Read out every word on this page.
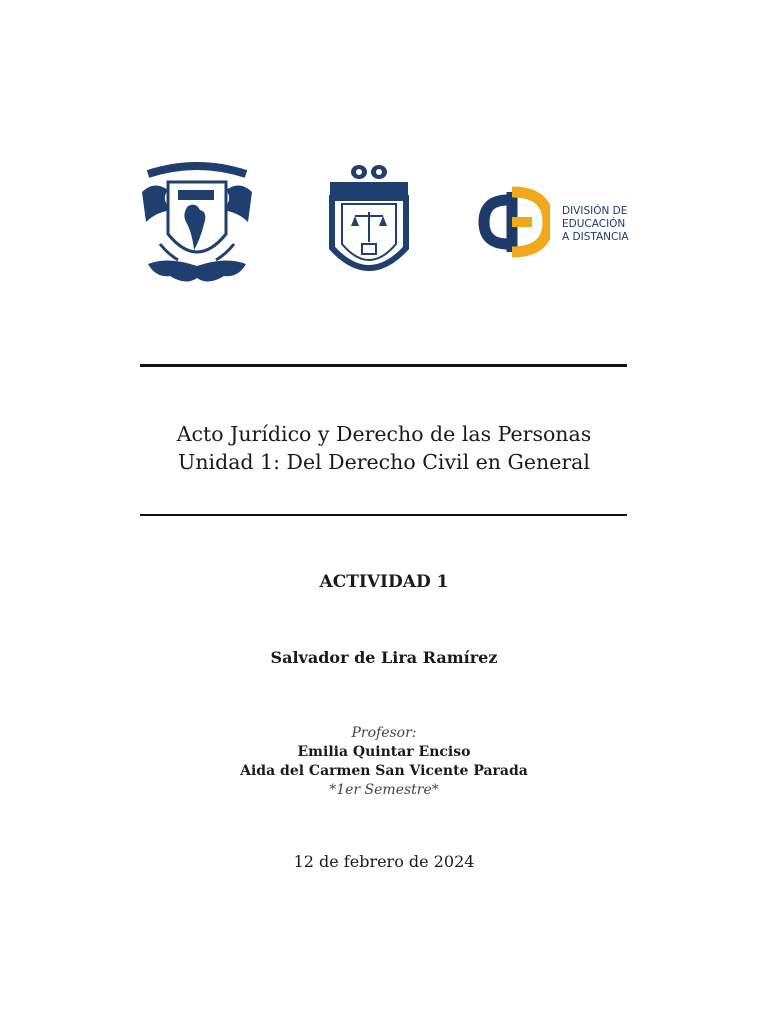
DIVISIÓN DE
EDUCACIÓN
A DISTANCIA
Acto Jurídico y Derecho de las Personas
Unidad 1: Del Derecho Civil en General
ACTIVIDAD 1
Salvador de Lira Ramírez
Profesor:
Emilia Quintar Enciso
Aida del Carmen San Vicente Parada
*1er Semestre*
12 de febrero de 2024
